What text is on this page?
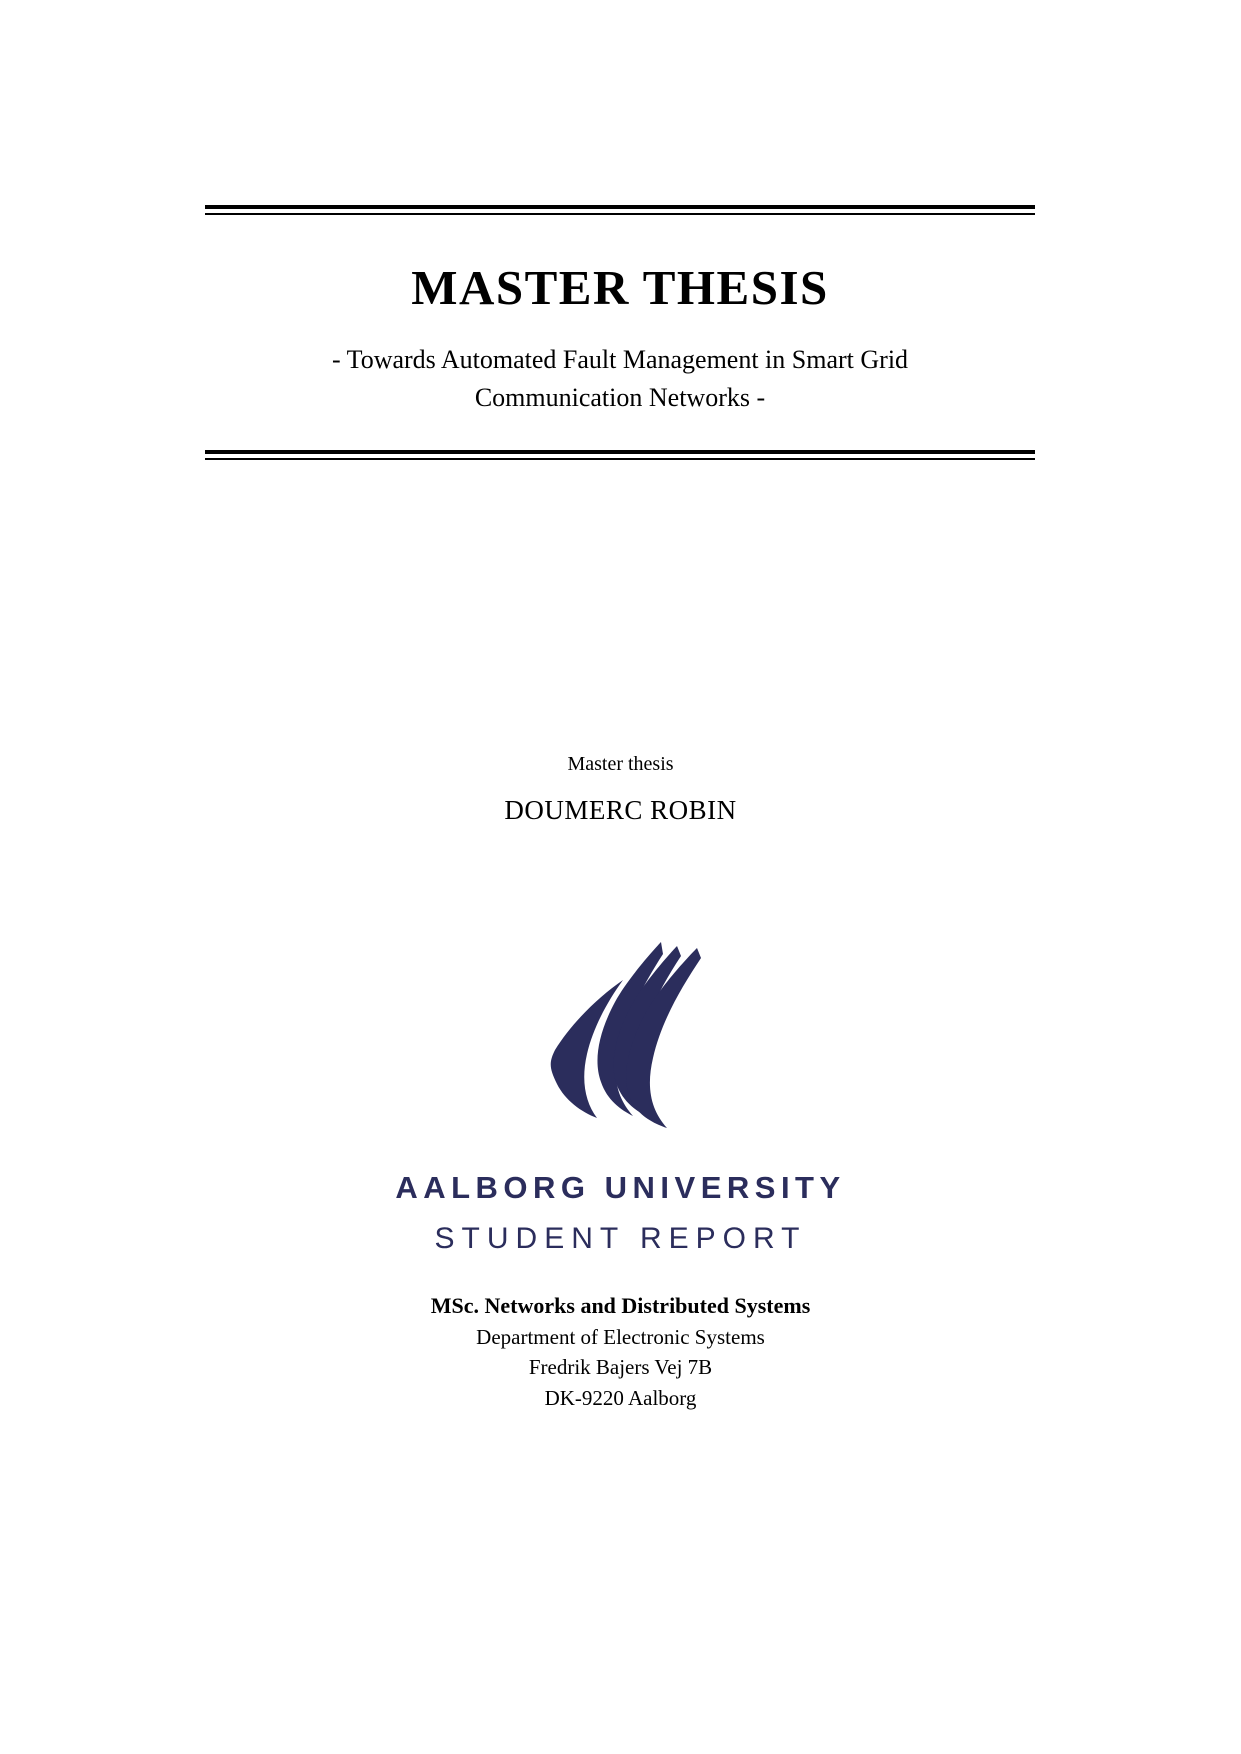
MASTER THESIS
- Towards Automated Fault Management in Smart Grid
Communication Networks -
Master thesis
DOUMERC ROBIN
AALBORG UNIVERSITY
STUDENT REPORT
MSc. Networks and Distributed Systems
Department of Electronic Systems
Fredrik Bajers Vej 7B
DK-9220 Aalborg
